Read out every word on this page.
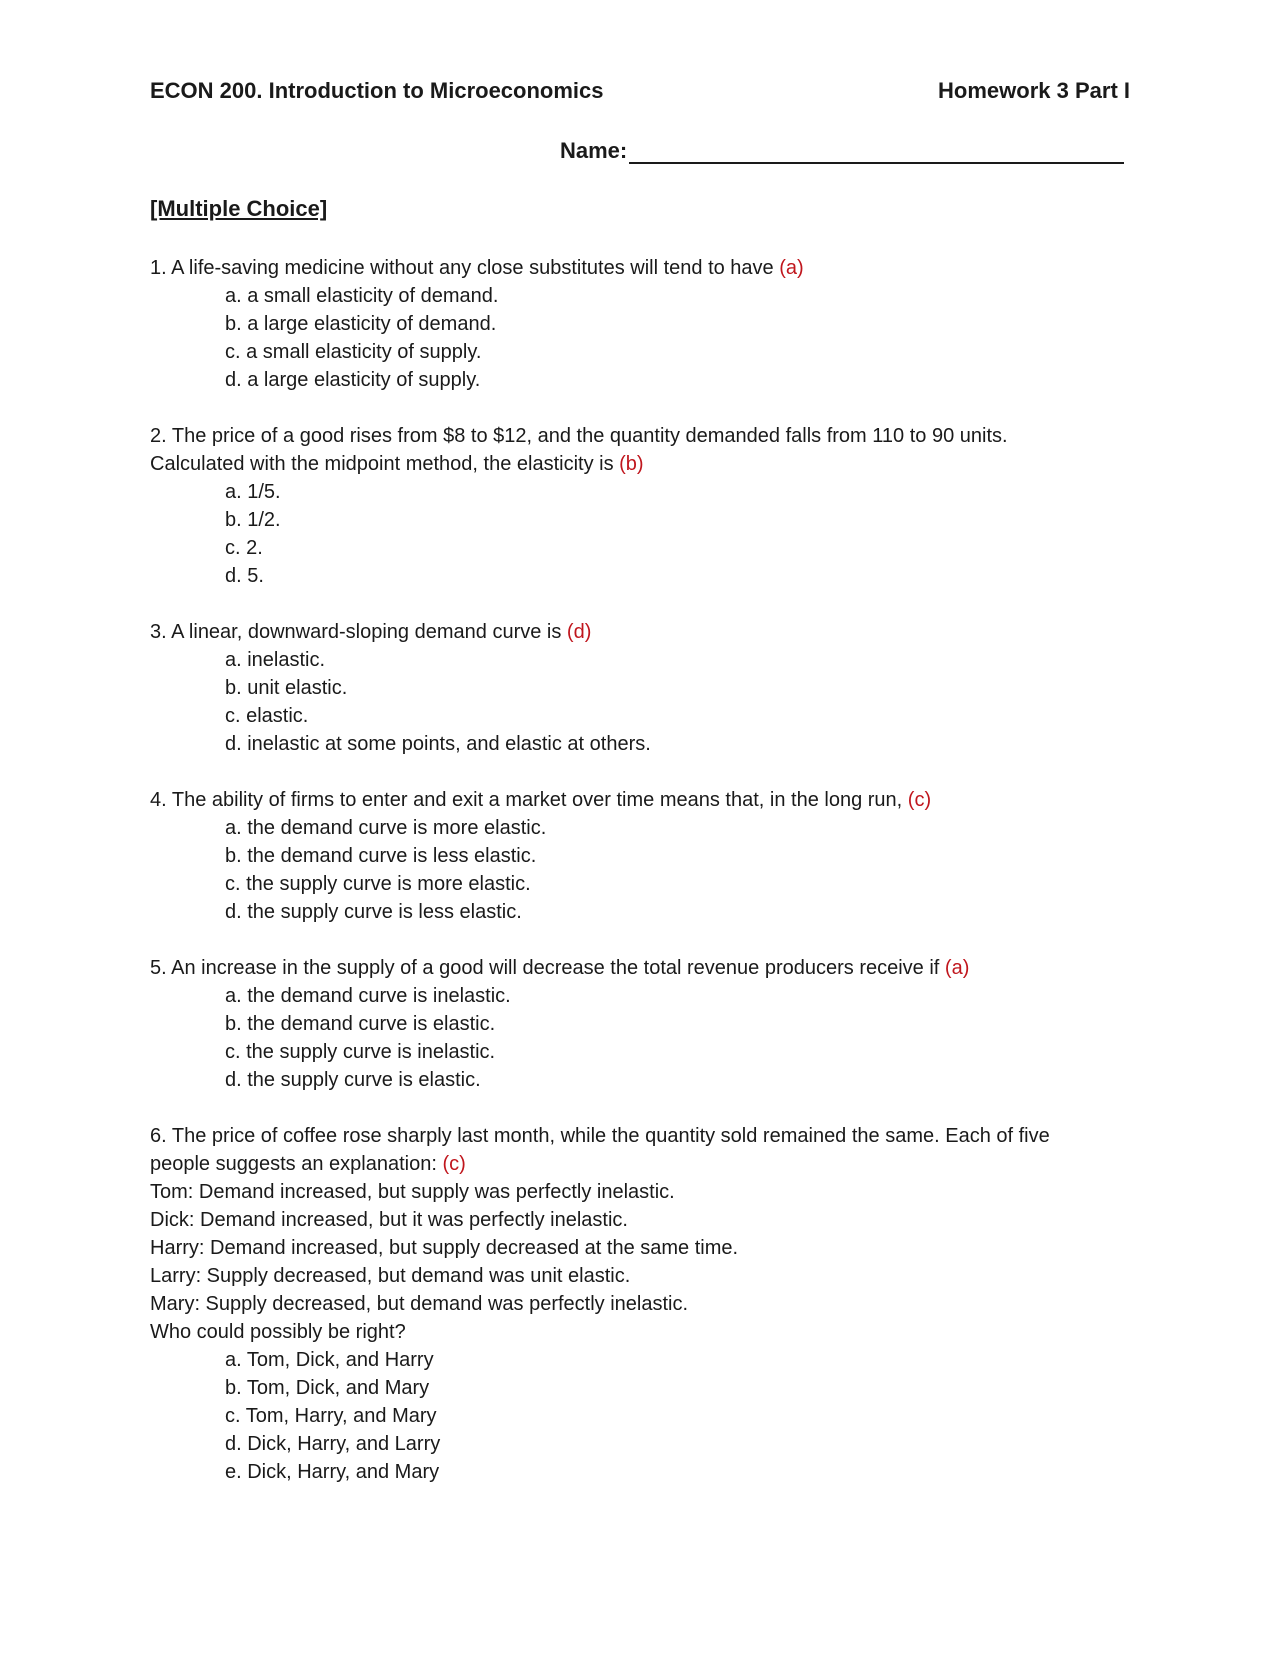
ECON 200. Introduction to Microeconomics	Homework 3 Part I
Name:
[Multiple Choice]

1. A life-saving medicine without any close substitutes will tend to have (a)

a. a small elasticity of demand.
b. a large elasticity of demand.
c. a small elasticity of supply.
d. a large elasticity of supply.

2. The price of a good rises from $8 to $12, and the quantity demanded falls from 110 to 90 units.

Calculated with the midpoint method, the elasticity is (b)

a. 1/5.
b. 1/2.
c. 2.
d. 5.

3. A linear, downward-sloping demand curve is (d)

a. inelastic.
b. unit elastic.
c. elastic.
d. inelastic at some points, and elastic at others.

4. The ability of firms to enter and exit a market over time means that, in the long run, (c)

a. the demand curve is more elastic.
b. the demand curve is less elastic.
c. the supply curve is more elastic.
d. the supply curve is less elastic.

5. An increase in the supply of a good will decrease the total revenue producers receive if (a)

a. the demand curve is inelastic.
b. the demand curve is elastic.
c. the supply curve is inelastic.
d. the supply curve is elastic.

6. The price of coffee rose sharply last month, while the quantity sold remained the same. Each of five

people suggests an explanation: (c)

Tom: Demand increased, but supply was perfectly inelastic.
Dick: Demand increased, but it was perfectly inelastic.
Harry: Demand increased, but supply decreased at the same time.
Larry: Supply decreased, but demand was unit elastic.
Mary: Supply decreased, but demand was perfectly inelastic.

Who could possibly be right?

a. Tom, Dick, and Harry
b. Tom, Dick, and Mary
c. Tom, Harry, and Mary
d. Dick, Harry, and Larry
e. Dick, Harry, and Mary
